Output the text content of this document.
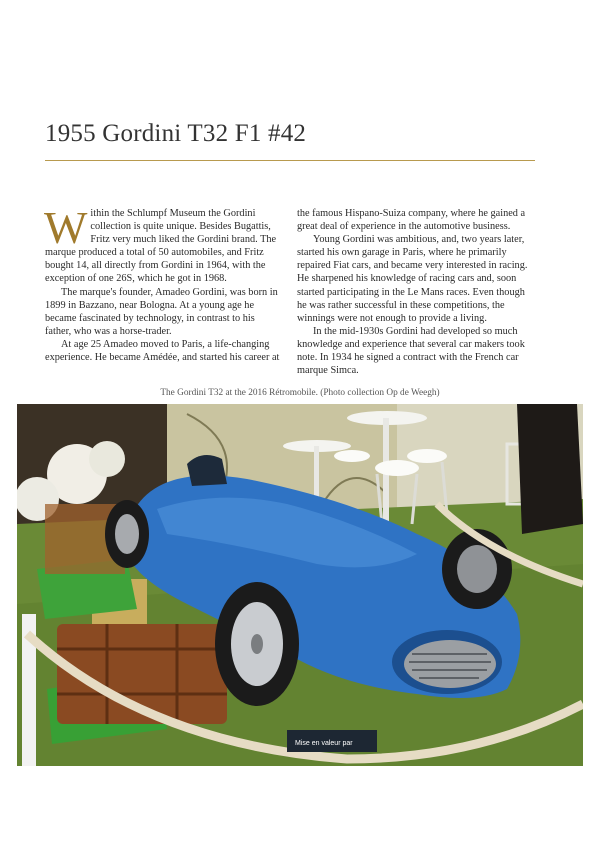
1955 Gordini T32 F1 #42

Within the Schlumpf Museum the Gordini collection is quite unique. Besides Bugattis, Fritz very much liked the Gordini brand. The marque produced a total of 50 automobiles, and Fritz bought 14, all directly from Gordini in 1964, with the exception of one 26S, which he got in 1968.

The marque's founder, Amadeo Gordini, was born in 1899 in Bazzano, near Bologna. At a young age he became fascinated by technology, in contrast to his father, who was a horse-trader.

At age 25 Amadeo moved to Paris, a life-changing experience. He became Amédée, and started his career at

the famous Hispano-Suiza company, where he gained a great deal of experience in the automotive business.

Young Gordini was ambitious, and, two years later, started his own garage in Paris, where he primarily repaired Fiat cars, and became very interested in racing. He sharpened his knowledge of racing cars and, soon started participating in the Le Mans races. Even though he was rather successful in these competitions, the winnings were not enough to provide a living.

In the mid-1930s Gordini had developed so much knowledge and experience that several car makers took note. In 1934 he signed a contract with the French car marque Simca.

The Gordini T32 at the 2016 Rétromobile. (Photo collection Op de Weegh)
Mise en valeur par
